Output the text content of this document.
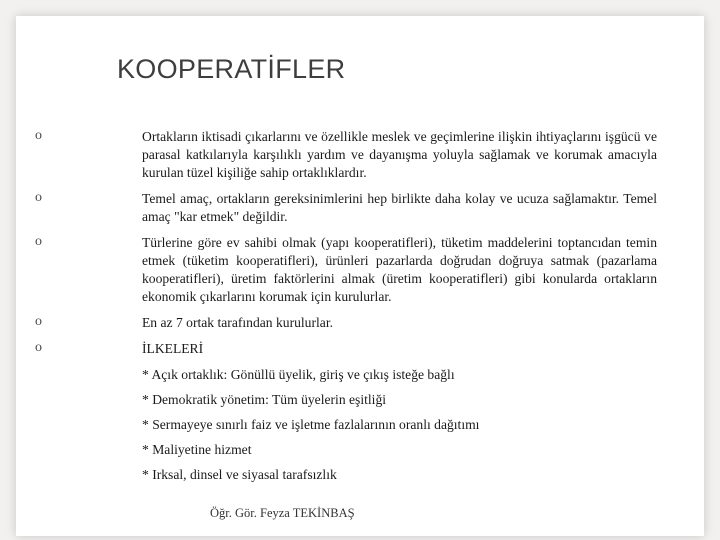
KOOPERATİFLER
o	Ortakların iktisadi çıkarlarını ve özellikle meslek ve geçimlerine ilişkin ihtiyaçlarını işgücü ve parasal katkılarıyla karşılıklı yardım ve dayanışma yoluyla sağlamak ve korumak amacıyla kurulan tüzel kişiliğe sahip ortaklıklardır.
o	Temel amaç, ortakların gereksinimlerini hep birlikte daha kolay ve ucuza sağlamaktır. Temel amaç "kar etmek" değildir.
o	Türlerine göre ev sahibi olmak (yapı kooperatifleri), tüketim maddelerini toptancıdan temin etmek (tüketim kooperatifleri), ürünleri pazarlarda doğrudan doğruya satmak (pazarlama kooperatifleri), üretim faktörlerini almak (üretim kooperatifleri) gibi konularda ortakların ekonomik çıkarlarını korumak için kurulurlar.
o	En az 7 ortak tarafından kurulurlar.
o	İLKELERİ
* Açık ortaklık: Gönüllü üyelik, giriş ve çıkış isteğe bağlı
* Demokratik yönetim: Tüm üyelerin eşitliği
* Sermayeye sınırlı faiz ve işletme fazlalarının oranlı dağıtımı
* Maliyetine hizmet
* Irksal, dinsel ve siyasal tarafsızlık
Öğr. Gör. Feyza TEKİNBAŞ
